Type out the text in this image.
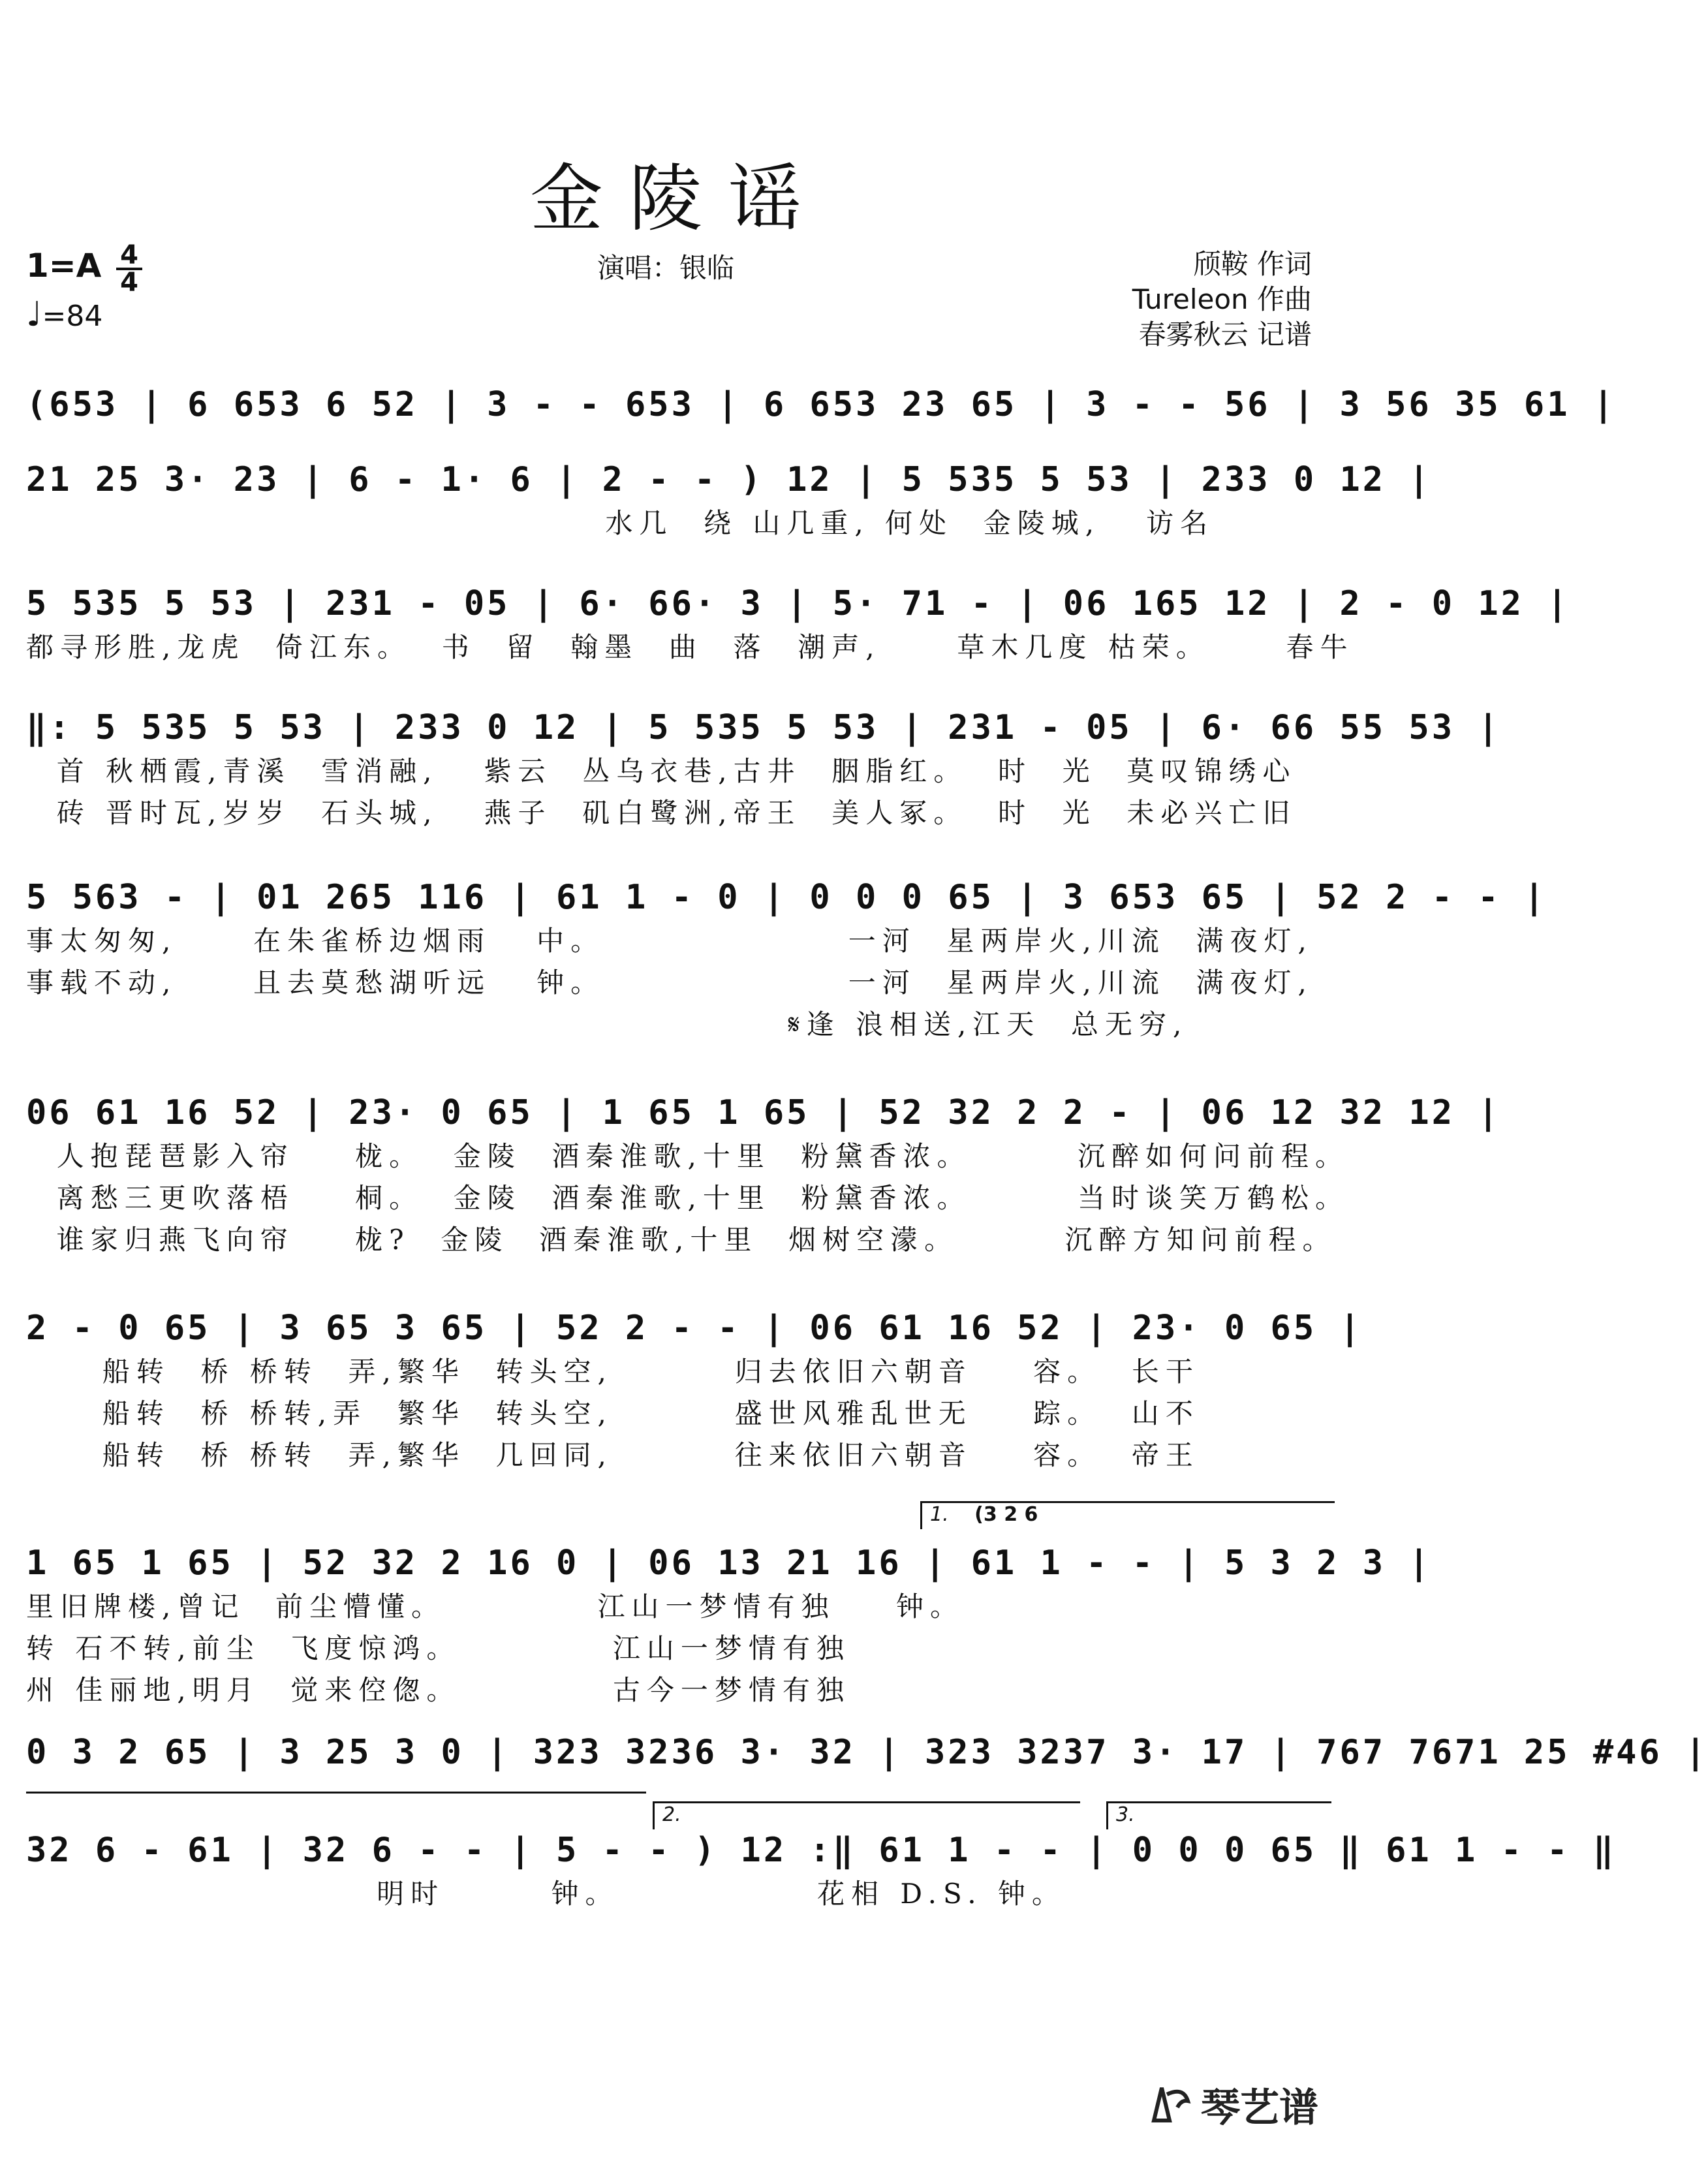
金陵谣
1=A 4
4
♩=84
演唱：银临	颀鞍 作词
Tureleon 作曲
春雾秋云 记谱
(653 | 6 653 6 52 | 3 - - 653 | 6 653 23 65 | 3 - - 56 | 3 56 35 61 |
21 25 3· 23 | 6 - 1· 6 | 2 - - ) 12 | 5 535 5 53 | 233 0 12 |
水几  绕 山几重, 何处  金陵城,   访名
5 535 5 53 | 231 - 05 | 6· 66· 3 | 5· 71 - | 06 165 12 | 2 - 0 12 |
都寻形胜,龙虎  倚江东。  书  留  翰墨  曲  落  潮声,     草木几度 枯荣。     春牛
‖: 5 535 5 53 | 233 0 12 | 5 535 5 53 | 231 - 05 | 6· 66 55 53 |
首 秋栖霞,青溪  雪消融,   紫云  丛乌衣巷,古井  胭脂红。  时  光  莫叹锦绣心
砖 晋时瓦,岁岁  石头城,   燕子  矶白鹭洲,帝王  美人冢。  时  光  未必兴亡旧
5 563 - | 01 265 116 | 61 1 - 0 | 0 0 0 65 | 3 653 65 | 52 2 - - |
事太匆匆,     在朱雀桥边烟雨   中。                一河  星两岸火,川流  满夜灯,
事载不动,     且去莫愁湖听远   钟。                一河  星两岸火,川流  满夜灯,
𝄋逢 浪相送,江天  总无穷,
06 61 16 52 | 23· 0 65 | 1 65 1 65 | 52 32 2 2 - | 06 12 32 12 |
人抱琵琶影入帘    栊。  金陵  酒秦淮歌,十里  粉黛香浓。       沉醉如何问前程。
离愁三更吹落梧    桐。  金陵  酒秦淮歌,十里  粉黛香浓。       当时谈笑万鹤松。
谁家归燕飞向帘    栊?  金陵  酒秦淮歌,十里  烟树空濛。       沉醉方知问前程。
2 - 0 65 | 3 65 3 65 | 52 2 - - | 06 61 16 52 | 23· 0 65 |
船转  桥 桥转  弄,繁华  转头空,        归去依旧六朝音    容。  长干
船转  桥 桥转,弄  繁华  转头空,        盛世风雅乱世无    踪。  山不
船转  桥 桥转  弄,繁华  几回同,        往来依旧六朝音    容。  帝王
1. (3 2 6
1 65 1 65 | 52 32 2 16 0 | 06 13 21 16 | 61 1 - - | 5 3 2 3 |
里旧牌楼,曾记  前尘懵懂。          江山一梦情有独    钟。
转 石不转,前尘  飞度惊鸿。          江山一梦情有独
州 佳丽地,明月  觉来倥偬。          古今一梦情有独
0 3 2 65 | 3 25 3 0 | 323 3236 3· 32 | 323 3237 3· 17 | 767 7671 25 #46 |
2.	3.
32 6 - 61 | 32 6 - - | 5 - - ) 12 :‖ 61 1 - - | 0 0 0 65 ‖ 61 1 - - ‖
明时       钟。             花相 D.S. 钟。
琴艺谱
